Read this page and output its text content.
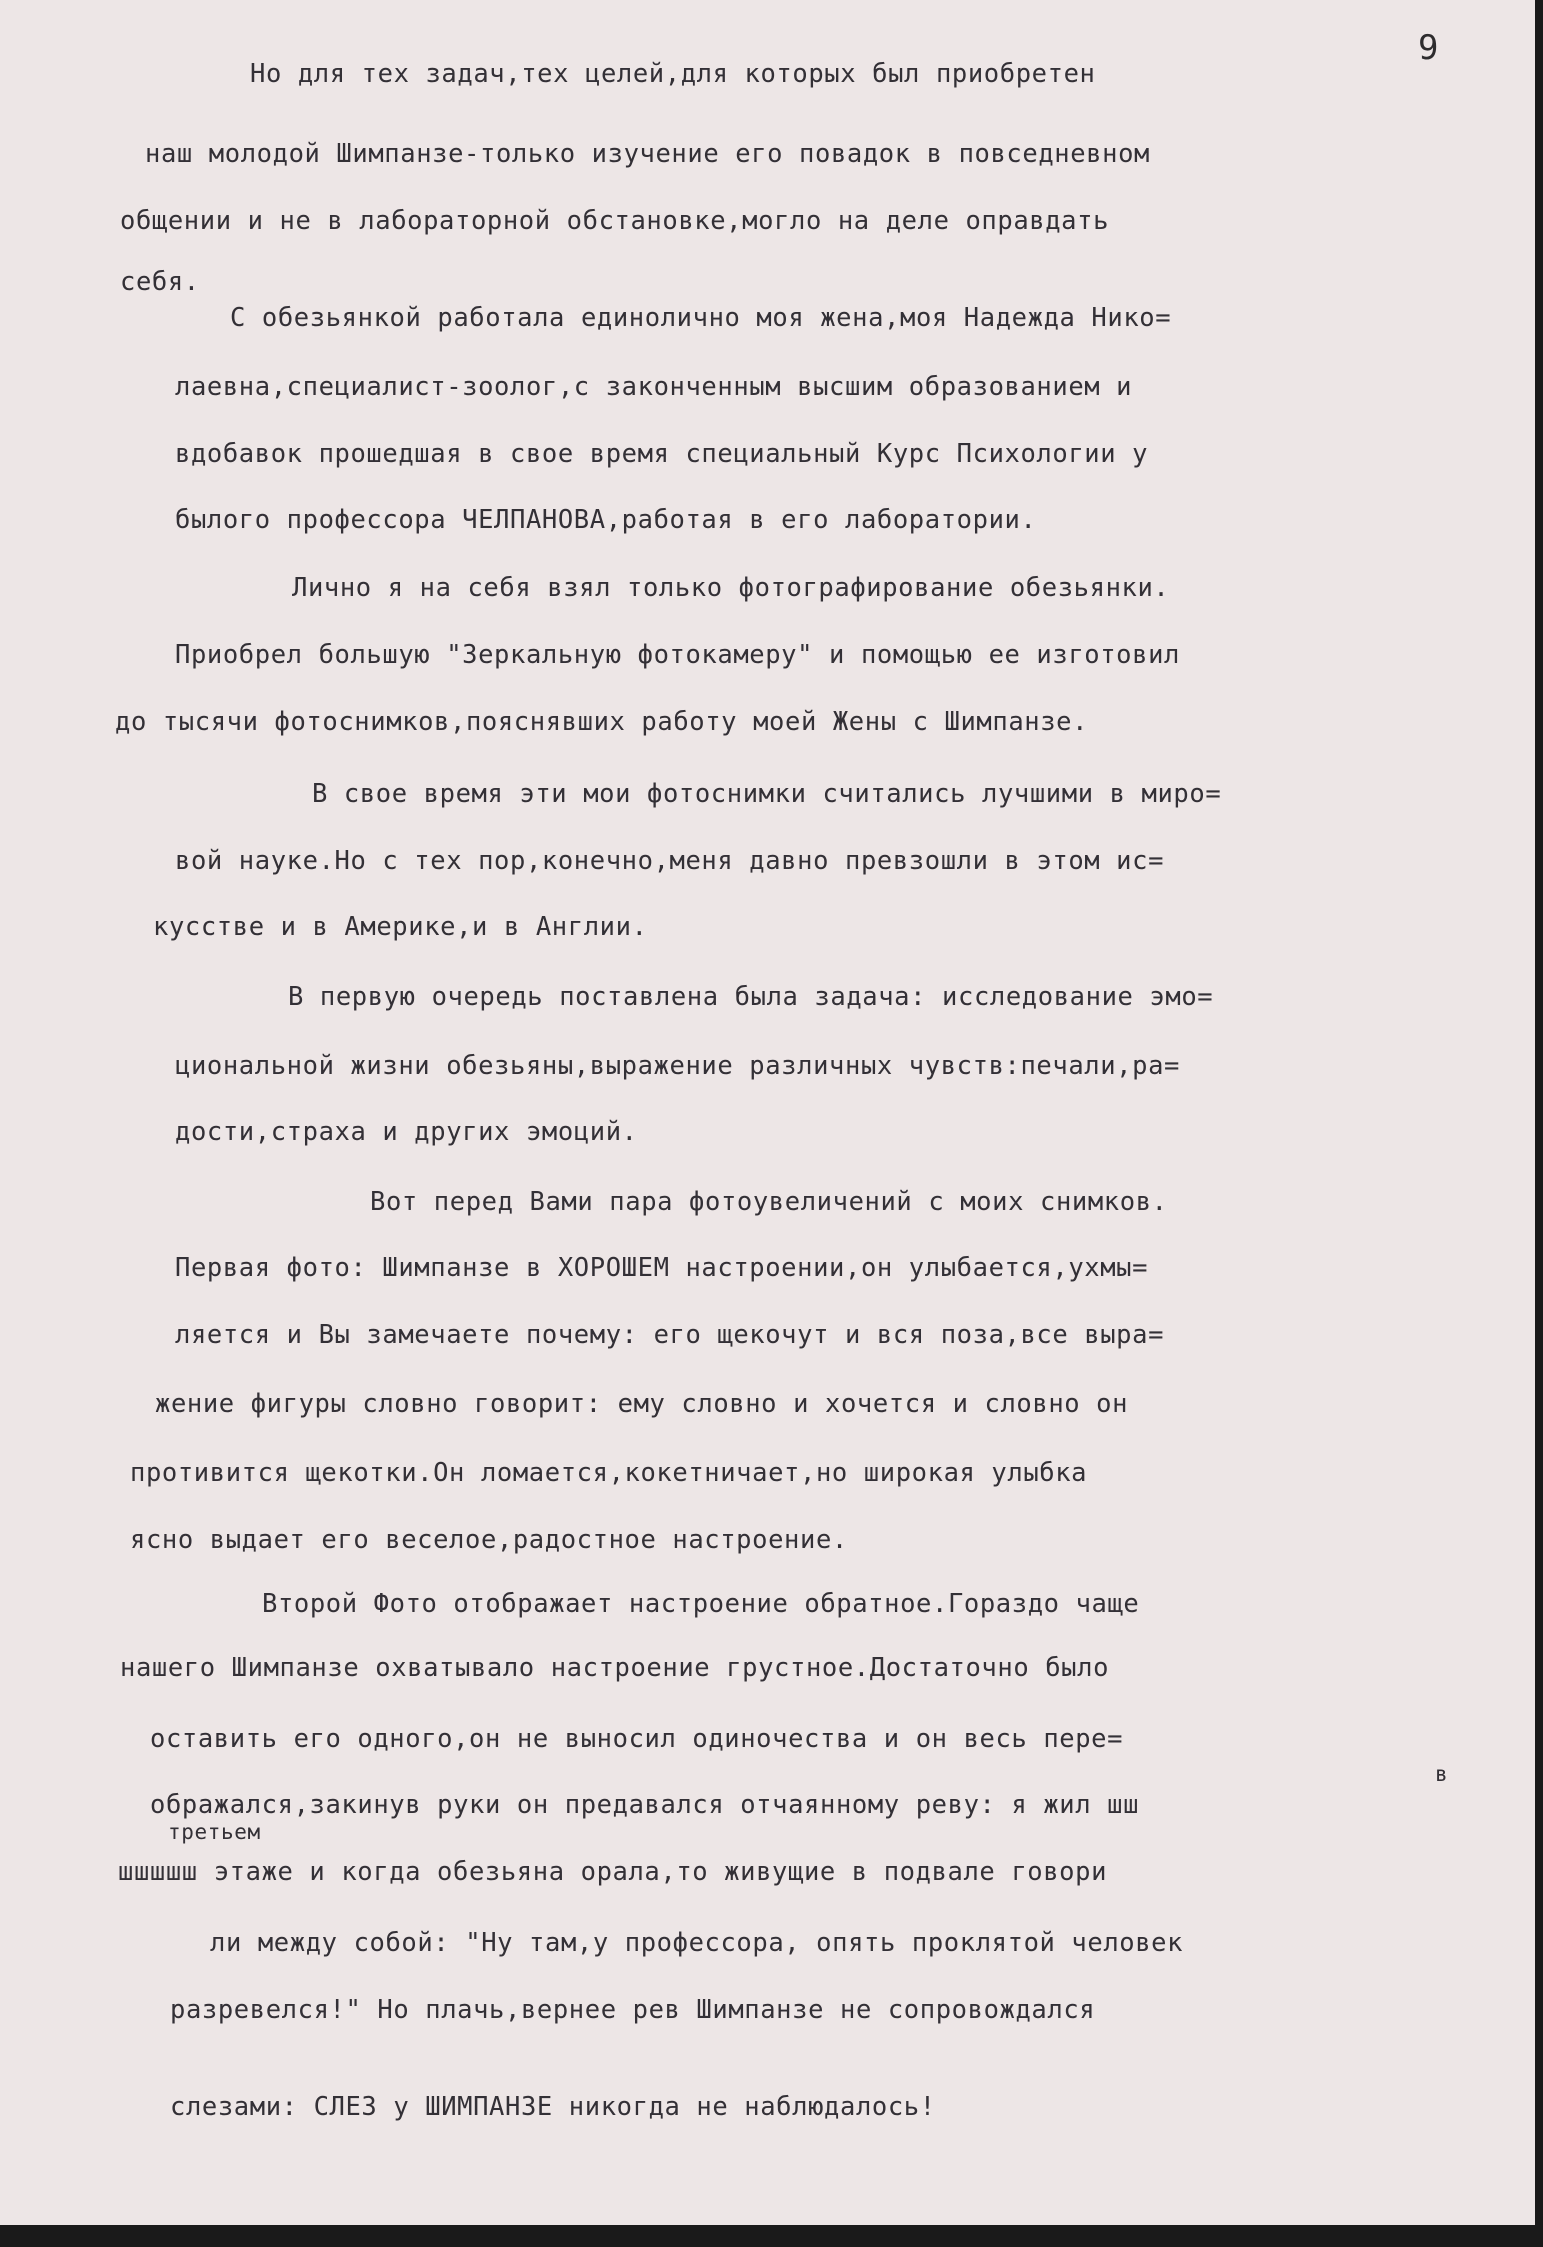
9
Но для тех задач,тех целей,для которых был приобретен
наш молодой Шимпанзе-только изучение его повадок в повседневном
общении и не в лабораторной обстановке,могло на деле оправдать
себя.
С обезьянкой работала единолично моя жена,моя Надежда Нико=
лаевна,специалист-зоолог,с законченным высшим образованием и
вдобавок прошедшая в свое время специальный Курс Психологии у
былого профессора ЧЕЛПАНОВА,работая в его лаборатории.
Лично я на себя взял только фотографирование обезьянки.
Приобрел большую "Зеркальную фотокамеру" и помощью ее изготовил
до тысячи фотоснимков,пояснявших работу моей Жены с Шимпанзе.
В свое время эти мои фотоснимки считались лучшими в миро=
вой науке.Но с тех пор,конечно,меня давно превзошли в этом ис=
кусстве и в Америке,и в Англии.
В первую очередь поставлена была задача: исследование эмо=
циональной жизни обезьяны,выражение различных чувств:печали,ра=
дости,страха и других эмоций.
Вот перед Вами пара фотоувеличений с моих снимков.
Первая фото: Шимпанзе в ХОРОШЕМ настроении,он улыбается,ухмы=
ляется и Вы замечаете почему: его щекочут и вся поза,все выра=
жение фигуры словно говорит: ему словно и хочется и словно он
противится щекотки.Он ломается,кокетничает,но широкая улыбка
ясно выдает его веселое,радостное настроение.
Второй Фото отображает настроение обратное.Гораздо чаще
нашего Шимпанзе охватывало настроение грустное.Достаточно было
оставить его одного,он не выносил одиночества и он весь пере=
в
ображался,закинув руки он предавался отчаянному реву: я жил шш
третьем
шшшшш этаже и когда обезьяна орала,то живущие в подвале говори
ли между собой: "Ну там,у профессора, опять проклятой человек
разревелся!" Но плачь,вернее рев Шимпанзе не сопровождался
слезами: СЛЕЗ у ШИМПАНЗЕ никогда не наблюдалось!
